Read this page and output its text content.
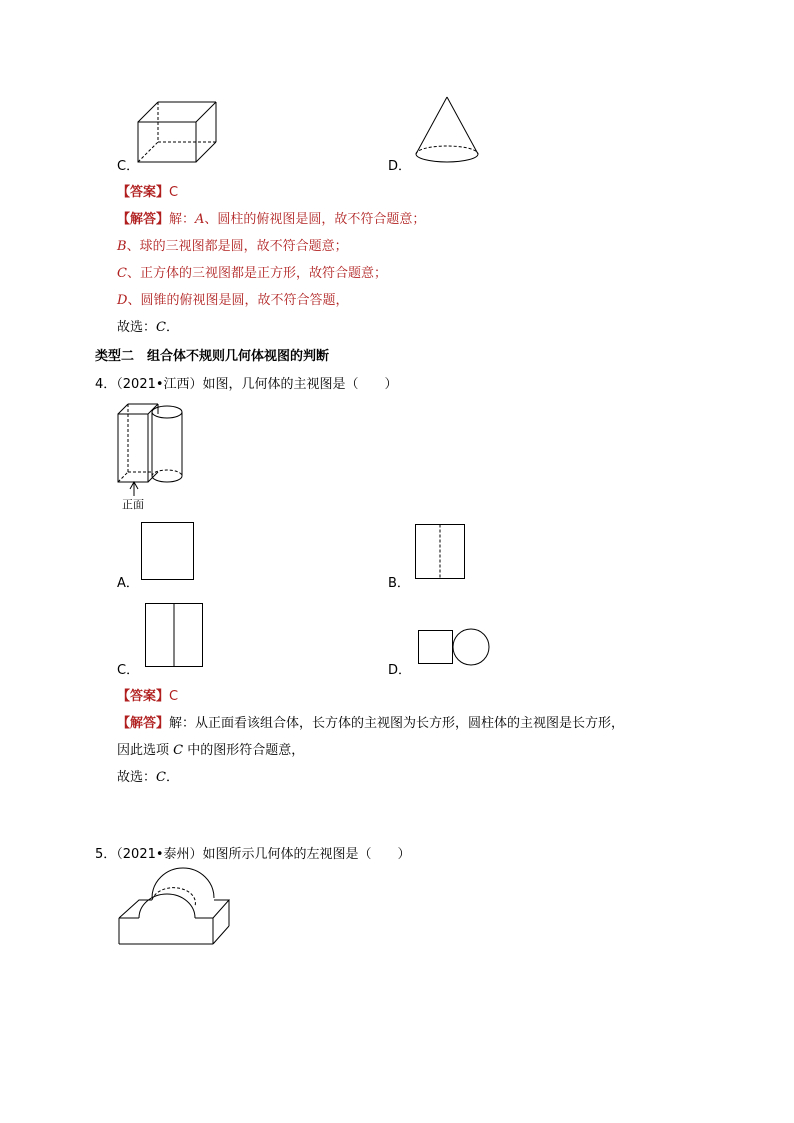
C．	D．
【答案】C
【解答】解：A、圆柱的俯视图是圆，故不符合题意；
B、球的三视图都是圆，故不符合题意；
C、正方体的三视图都是正方形，故符合题意；
D、圆锥的俯视图是圆，故不符合答题，
故选：C．
类型二　组合体不规则几何体视图的判断
4．（2021•江西）如图，几何体的主视图是（　　）
正面
A．	B．
C．	D．
【答案】C
【解答】解：从正面看该组合体，长方体的主视图为长方形，圆柱体的主视图是长方形，
因此选项 C 中的图形符合题意，
故选：C．
5．（2021•泰州）如图所示几何体的左视图是（　　）
